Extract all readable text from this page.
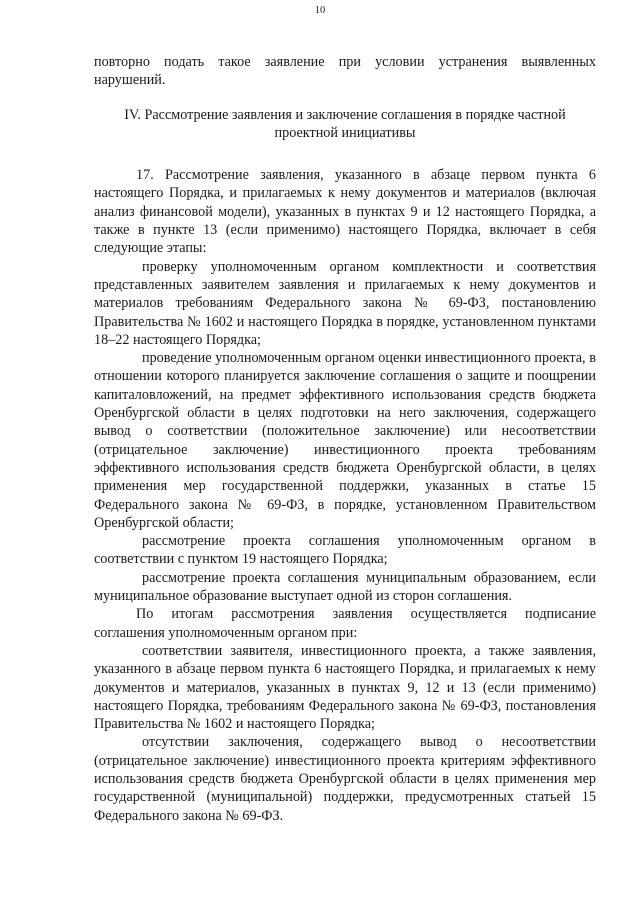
10

повторно подать такое заявление при условии устранения выявленных нарушений.

IV. Рассмотрение заявления и заключение соглашения в порядке частной проектной инициативы

17. Рассмотрение заявления, указанного в абзаце первом пункта 6 настоящего Порядка, и прилагаемых к нему документов и материалов (включая анализ финансовой модели), указанных в пунктах 9 и 12 настоящего Порядка, а также в пункте 13 (если применимо) настоящего Порядка, включает в себя следующие этапы:

проверку уполномоченным органом комплектности и соответствия представленных заявителем заявления и прилагаемых к нему документов и материалов требованиям Федерального закона № 69-ФЗ, постановлению Правительства № 1602 и настоящего Порядка в порядке, установленном пунктами 18–22 настоящего Порядка;

проведение уполномоченным органом оценки инвестиционного проекта, в отношении которого планируется заключение соглашения о защите и поощрении капиталовложений, на предмет эффективного использования средств бюджета Оренбургской области в целях подготовки на него заключения, содержащего вывод о соответствии (положительное заключение) или несоответствии (отрицательное заключение) инвестиционного проекта требованиям эффективного использования средств бюджета Оренбургской области, в целях применения мер государственной поддержки, указанных в статье 15 Федерального закона № 69-ФЗ, в порядке, установленном Правительством Оренбургской области;

рассмотрение проекта соглашения уполномоченным органом в соответствии с пунктом 19 настоящего Порядка;

рассмотрение проекта соглашения муниципальным образованием, если муниципальное образование выступает одной из сторон соглашения.

По итогам рассмотрения заявления осуществляется подписание соглашения уполномоченным органом при:

соответствии заявителя, инвестиционного проекта, а также заявления, указанного в абзаце первом пункта 6 настоящего Порядка, и прилагаемых к нему документов и материалов, указанных в пунктах 9, 12 и 13 (если применимо) настоящего Порядка, требованиям Федерального закона № 69-ФЗ, постановления Правительства № 1602 и настоящего Порядка;

отсутствии заключения, содержащего вывод о несоответствии (отрицательное заключение) инвестиционного проекта критериям эффективного использования средств бюджета Оренбургской области в целях применения мер государственной (муниципальной) поддержки, предусмотренных статьей 15 Федерального закона № 69-ФЗ.
